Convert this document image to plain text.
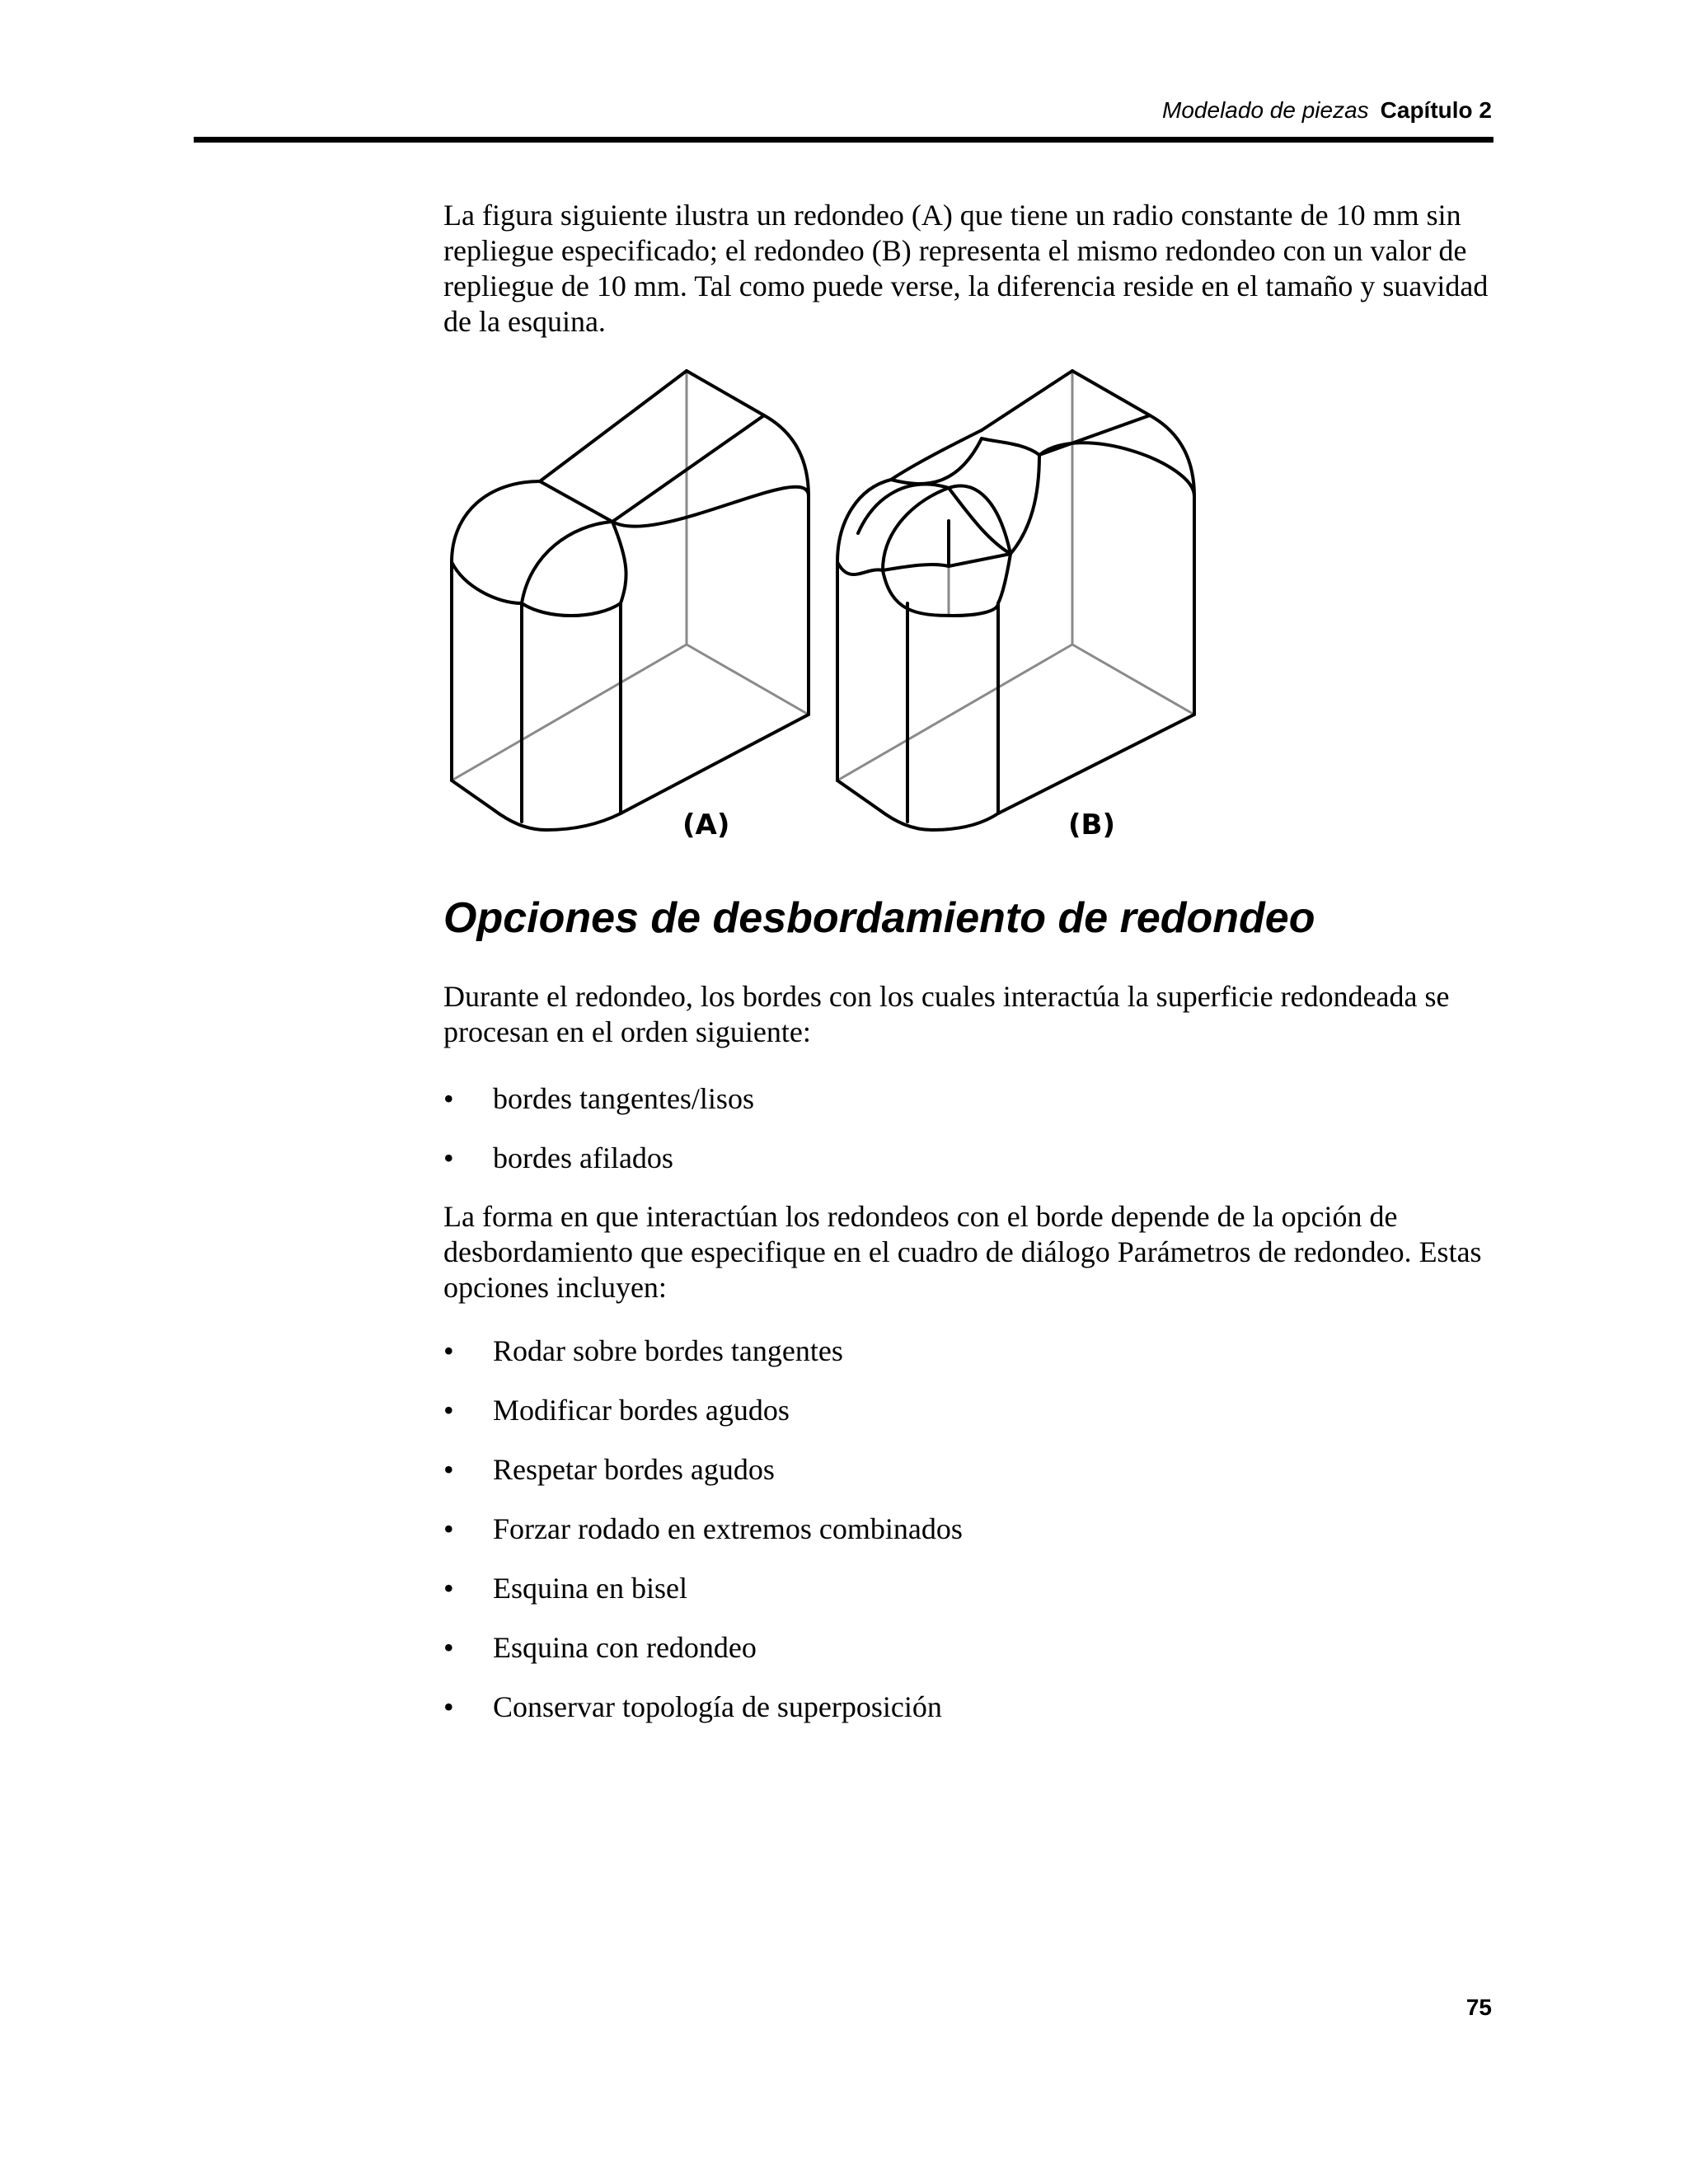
Modelado de piezas Capítulo 2

La figura siguiente ilustra un redondeo (A) que tiene un radio constante de 10 mm sin repliegue especificado; el redondeo (B) representa el mismo redondeo con un valor de repliegue de 10 mm. Tal como puede verse, la diferencia reside en el tamaño y suavidad de la esquina.

(A)	(B)
Opciones de desbordamiento de redondeo

Durante el redondeo, los bordes con los cuales interactúa la superficie redondeada se procesan en el orden siguiente:

•	bordes tangentes/lisos
•	bordes afilados

La forma en que interactúan los redondeos con el borde depende de la opción de desbordamiento que especifique en el cuadro de diálogo Parámetros de redondeo. Estas opciones incluyen:

•	Rodar sobre bordes tangentes
•	Modificar bordes agudos
•	Respetar bordes agudos
•	Forzar rodado en extremos combinados
•	Esquina en bisel
•	Esquina con redondeo
•	Conservar topología de superposición
75
